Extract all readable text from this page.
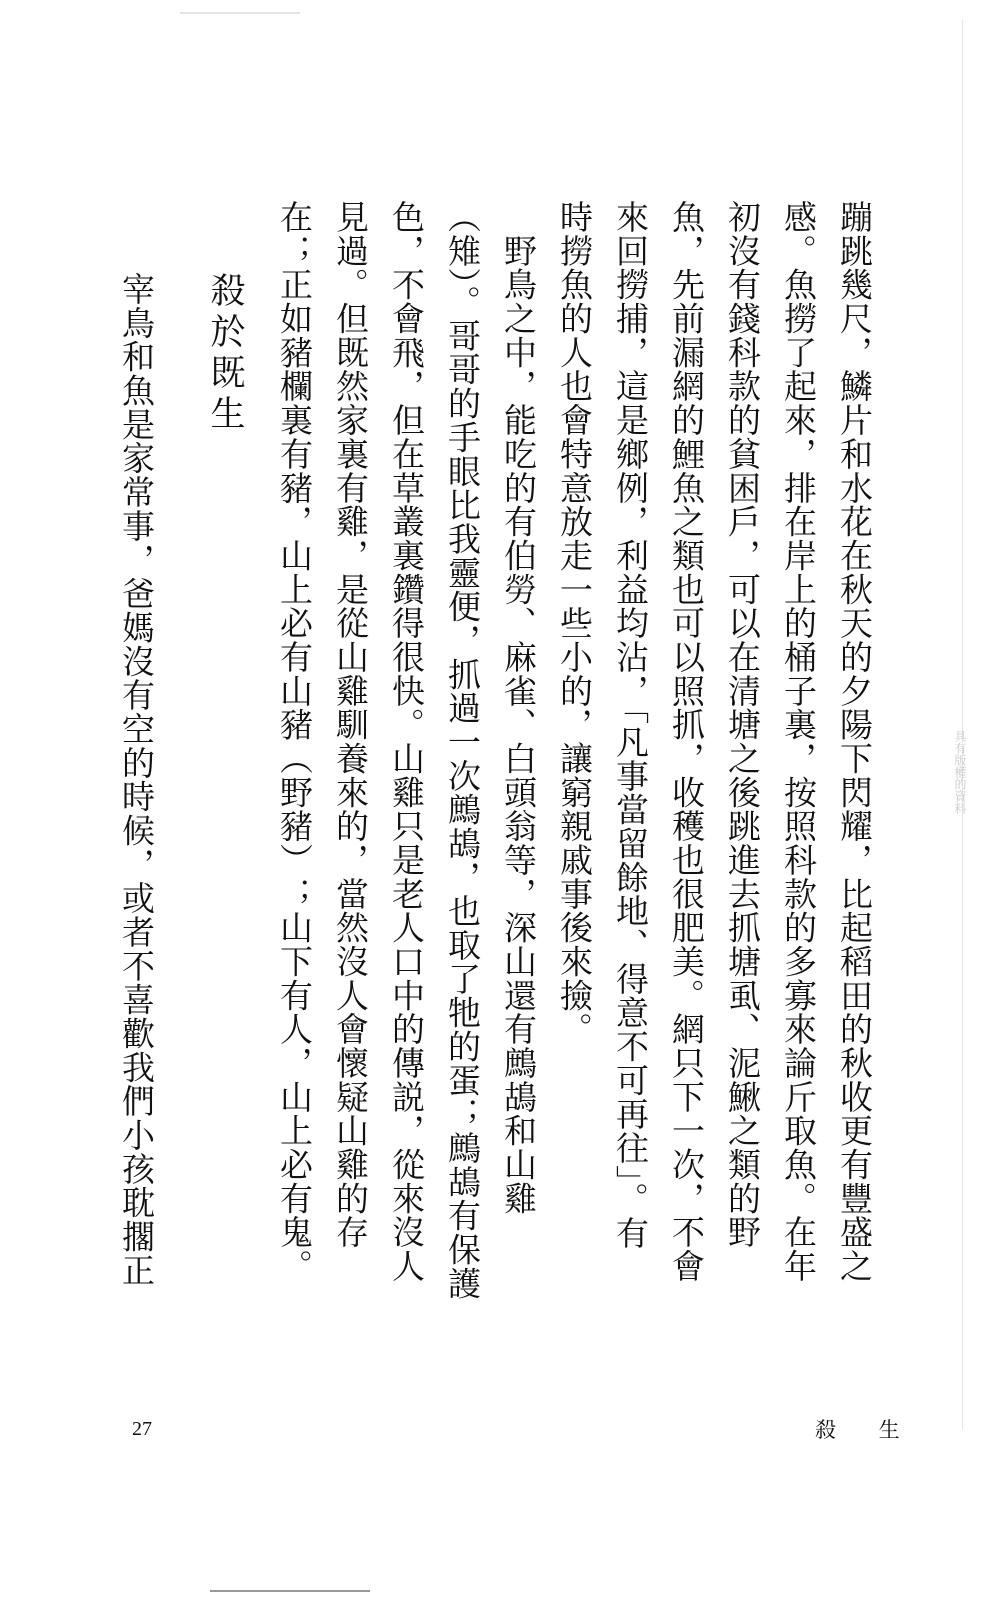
蹦跳幾尺，鱗片和水花在秋天的夕陽下閃耀，比起稻田的秋收更有豐盛之
感。魚撈了起來，排在岸上的桶子裏，按照科款的多寡來論斤取魚。在年
初沒有錢科款的貧困戶，可以在清塘之後跳進去抓塘虱、泥鰍之類的野
魚，先前漏網的鯉魚之類也可以照抓，收穫也很肥美。網只下一次，不會
來回撈捕，這是鄉例，利益均沾，「凡事當留餘地、得意不可再往」。有
時撈魚的人也會特意放走一些小的，讓窮親戚事後來撿。
　野鳥之中，能吃的有伯勞、麻雀、白頭翁等，深山還有鷓鴣和山雞
（雉）。哥哥的手眼比我靈便，抓過一次鷓鴣，也取了牠的蛋；鷓鴣有保護
色，不會飛，但在草叢裏鑽得很快。山雞只是老人口中的傳説，從來沒人
見過。但既然家裏有雞，是從山雞馴養來的，當然沒人會懷疑山雞的存
在；正如豬欄裏有豬，山上必有山豬（野豬）；山下有人，山上必有鬼。
殺於既生
宰鳥和魚是家常事，爸媽沒有空的時候，或者不喜歡我們小孩耽擱正
27	殺 生
具有版權的資料
